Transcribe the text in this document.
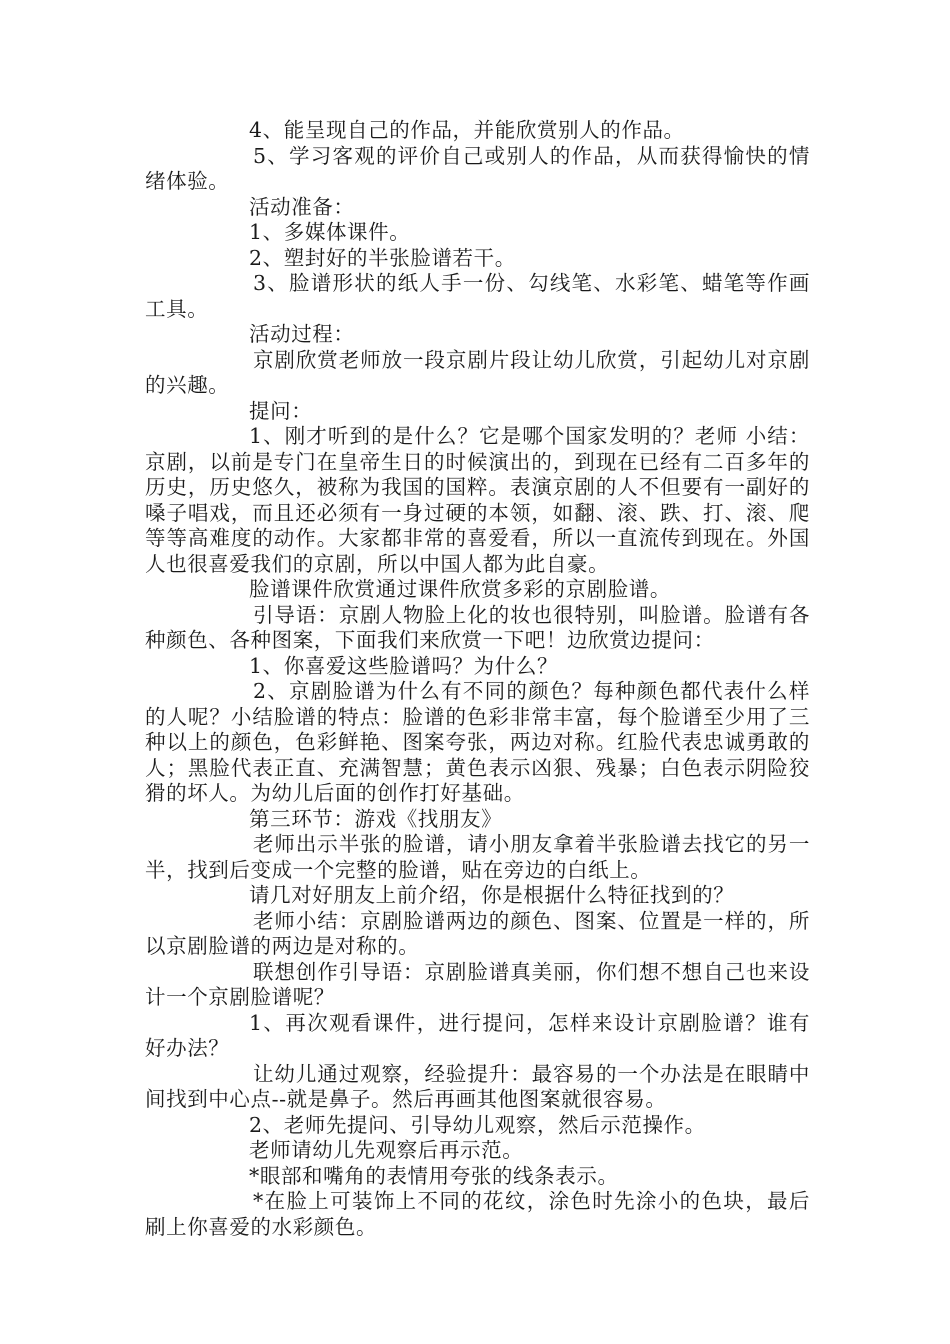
4、能呈现自己的作品，并能欣赏别人的作品。

5、学习客观的评价自己或别人的作品，从而获得愉快的情绪体验。

活动准备：

1、多媒体课件。

2、塑封好的半张脸谱若干。

3、脸谱形状的纸人手一份、勾线笔、水彩笔、蜡笔等作画工具。

活动过程：

京剧欣赏老师放一段京剧片段让幼儿欣赏，引起幼儿对京剧的兴趣。

提问：

1、刚才听到的是什么？它是哪个国家发明的？老师 小结：京剧，以前是专门在皇帝生日的时候演出的，到现在已经有二百多年的历史，历史悠久，被称为我国的国粹。表演京剧的人不但要有一副好的嗓子唱戏，而且还必须有一身过硬的本领，如翻、滚、跌、打、滚、爬等等高难度的动作。大家都非常的喜爱看，所以一直流传到现在。外国人也很喜爱我们的京剧，所以中国人都为此自豪。

脸谱课件欣赏通过课件欣赏多彩的京剧脸谱。

引导语：京剧人物脸上化的妆也很特别，叫脸谱。脸谱有各种颜色、各种图案，下面我们来欣赏一下吧！边欣赏边提问：

1、你喜爱这些脸谱吗？为什么？

2、京剧脸谱为什么有不同的颜色？每种颜色都代表什么样的人呢？小结脸谱的特点：脸谱的色彩非常丰富，每个脸谱至少用了三种以上的颜色，色彩鲜艳、图案夸张，两边对称。红脸代表忠诚勇敢的人；黑脸代表正直、充满智慧；黄色表示凶狠、残暴；白色表示阴险狡猾的坏人。为幼儿后面的创作打好基础。

第三环节：游戏《找朋友》

老师出示半张的脸谱，请小朋友拿着半张脸谱去找它的另一半，找到后变成一个完整的脸谱，贴在旁边的白纸上。

请几对好朋友上前介绍，你是根据什么特征找到的？

老师小结：京剧脸谱两边的颜色、图案、位置是一样的，所以京剧脸谱的两边是对称的。

联想创作引导语：京剧脸谱真美丽，你们想不想自己也来设计一个京剧脸谱呢？

1、再次观看课件，进行提问，怎样来设计京剧脸谱？谁有好办法？

让幼儿通过观察，经验提升：最容易的一个办法是在眼睛中间找到中心点--就是鼻子。然后再画其他图案就很容易。

2、老师先提问、引导幼儿观察，然后示范操作。

老师请幼儿先观察后再示范。

*眼部和嘴角的表情用夸张的线条表示。

*在脸上可装饰上不同的花纹，涂色时先涂小的色块，最后刷上你喜爱的水彩颜色。
